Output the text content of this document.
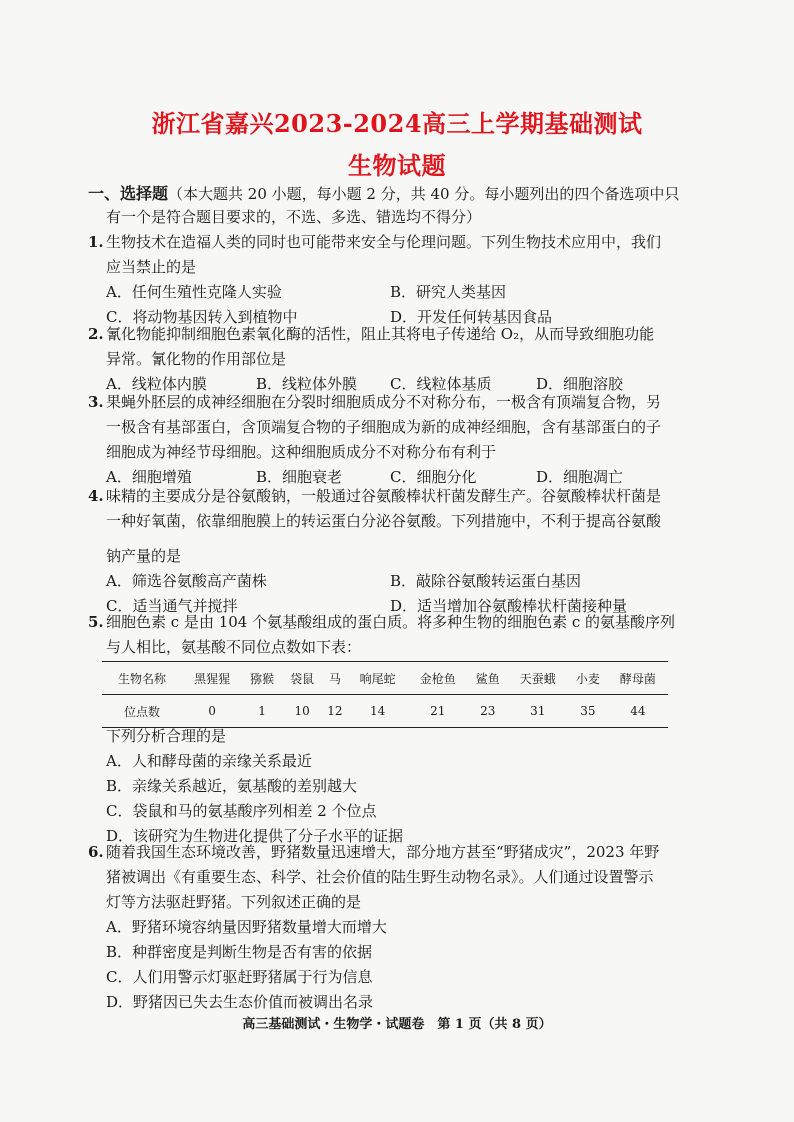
浙江省嘉兴2023-2024高三上学期基础测试
生物试题
一、选择题（本大题共 20 小题，每小题 2 分，共 40 分。每小题列出的四个备选项中只
有一个是符合题目要求的，不选、多选、错选均不得分）
1. 生物技术在造福人类的同时也可能带来安全与伦理问题。下列生物技术应用中，我们
应当禁止的是
A．任何生殖性克隆人实验	B．研究人类基因
C．将动物基因转入到植物中	D．开发任何转基因食品
2. 氰化物能抑制细胞色素氧化酶的活性，阻止其将电子传递给 O₂，从而导致细胞功能
异常。氰化物的作用部位是
A．线粒体内膜	B．线粒体外膜 C．线粒体基质	D．细胞溶胶
3. 果蝇外胚层的成神经细胞在分裂时细胞质成分不对称分布，一极含有顶端复合物，另
一极含有基部蛋白，含顶端复合物的子细胞成为新的成神经细胞，含有基部蛋白的子
细胞成为神经节母细胞。这种细胞质成分不对称分布有利于
A．细胞增殖	B．细胞衰老	C．细胞分化	D．细胞凋亡
4. 味精的主要成分是谷氨酸钠，一般通过谷氨酸棒状杆菌发酵生产。谷氨酸棒状杆菌是
一种好氧菌，依靠细胞膜上的转运蛋白分泌谷氨酸。下列措施中，不利于提高谷氨酸
钠产量的是
A．筛选谷氨酸高产菌株	B．敲除谷氨酸转运蛋白基因
C．适当通气并搅拌	D．适当增加谷氨酸棒状杆菌接种量
5. 细胞色素 c 是由 104 个氨基酸组成的蛋白质。将多种生物的细胞色素 c 的氨基酸序列
与人相比，氨基酸不同位点数如下表：
生物名称	黑猩猩	猕猴	袋鼠	马	响尾蛇	金枪鱼	鲨鱼	天蚕蛾	小麦	酵母菌
位点数	0	1	10	12	14	21	23	31	35	44
下列分析合理的是
A．人和酵母菌的亲缘关系最近
B．亲缘关系越近，氨基酸的差别越大
C．袋鼠和马的氨基酸序列相差 2 个位点
D．该研究为生物进化提供了分子水平的证据
6. 随着我国生态环境改善，野猪数量迅速增大，部分地方甚至“野猪成灾”，2023 年野
猪被调出《有重要生态、科学、社会价值的陆生野生动物名录》。人们通过设置警示
灯等方法驱赶野猪。下列叙述正确的是
A．野猪环境容纳量因野猪数量增大而增大
B．种群密度是判断生物是否有害的依据
C．人们用警示灯驱赶野猪属于行为信息
D．野猪因已失去生态价值而被调出名录
高三基础测试・生物学・试题卷　第 1 页（共 8 页）
